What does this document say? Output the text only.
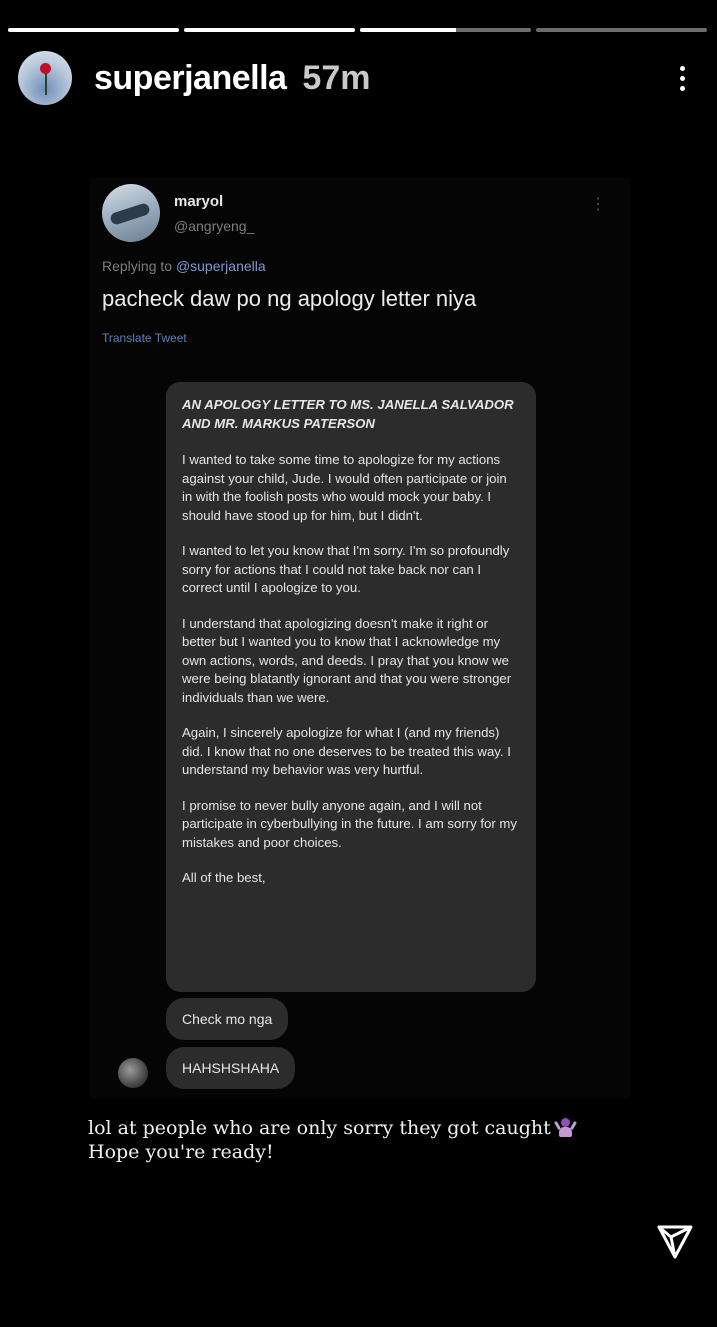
superjanella 57m
maryol
@angryeng_
⋮
Replying to @superjanella
pacheck daw po ng apology letter niya
Translate Tweet
AN APOLOGY LETTER TO MS. JANELLA SALVADOR AND MR. MARKUS PATERSON

I wanted to take some time to apologize for my actions against your child, Jude. I would often participate or join in with the foolish posts who would mock your baby. I should have stood up for him, but I didn't.

I wanted to let you know that I'm sorry. I'm so profoundly sorry for actions that I could not take back nor can I correct until I apologize to you.

I understand that apologizing doesn't make it right or better but I wanted you to know that I acknowledge my own actions, words, and deeds. I pray that you know we were being blatantly ignorant and that you were stronger individuals than we were.

Again, I sincerely apologize for what I (and my friends) did. I know that no one deserves to be treated this way. I understand my behavior was very hurtful.

I promise to never bully anyone again, and I will not participate in cyberbullying in the future. I am sorry for my mistakes and poor choices.

All of the best,

Check mo nga
HAHSHSHAHA
lol at people who are only sorry they got caught

Hope you're ready!
